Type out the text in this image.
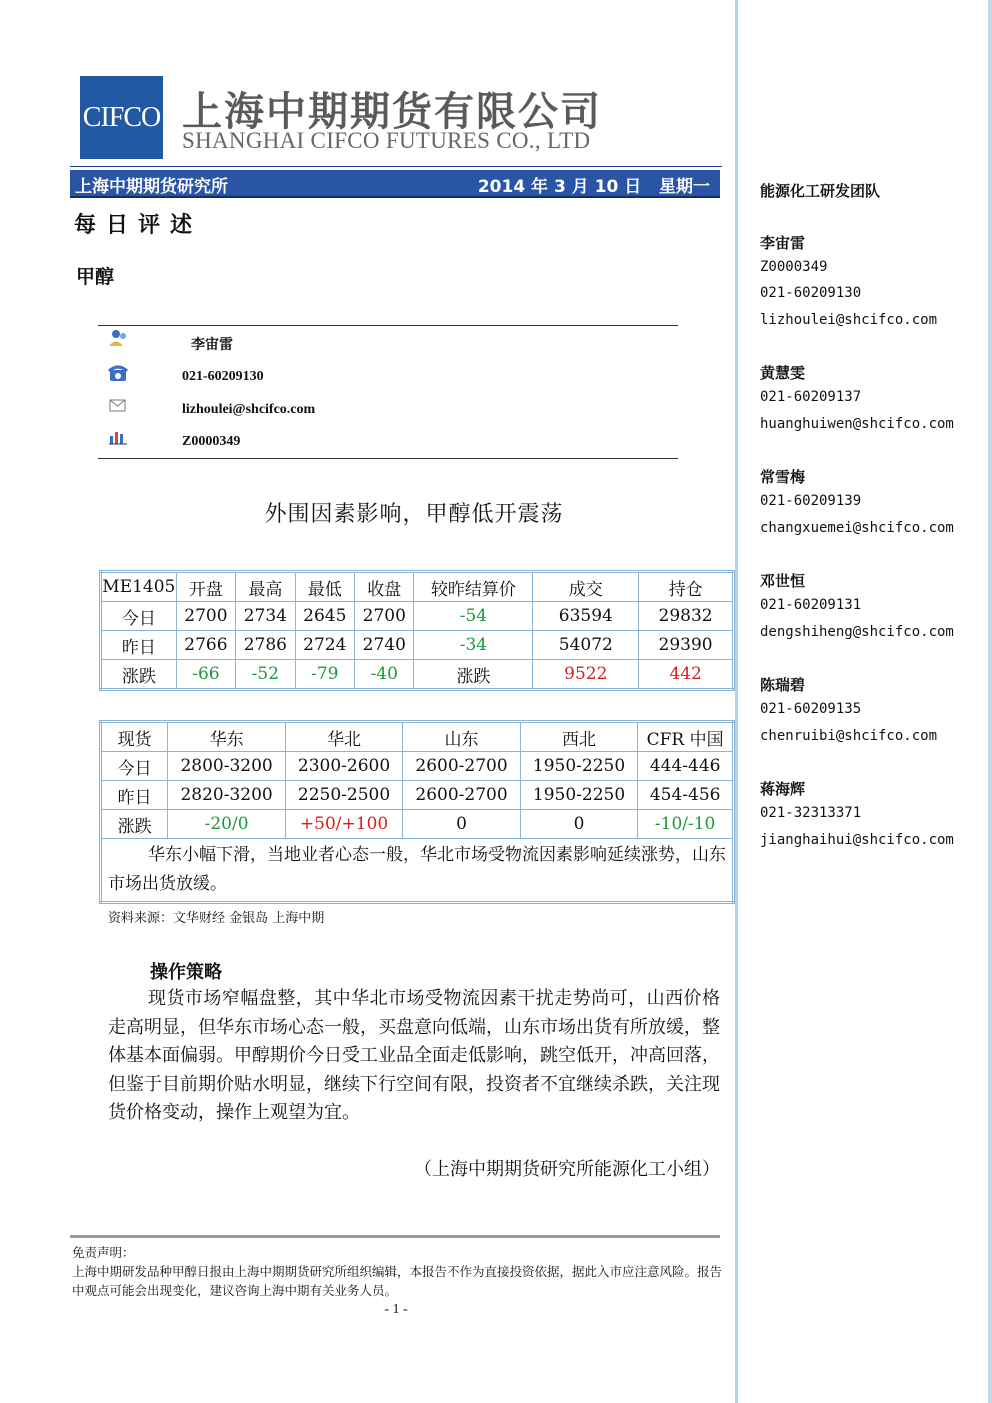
CIFCO 上海中期期货有限公司
SHANGHAI CIFCO FUTURES CO., LTD
上海中期期货研究所	2014 年 3 月 10 日 星期一
每日评述
甲醇
李宙雷
021-60209130
lizhoulei@shcifco.com
Z0000349
外围因素影响，甲醇低开震荡
ME1405	开盘	最高	最低	收盘	较昨结算价	成交	持仓
今日	2700	2734	2645	2700	-54	63594	29832
昨日	2766	2786	2724	2740	-34	54072	29390
涨跌	-66	-52	-79	-40	涨跌	9522	442
现货	华东	华北	山东	西北	CFR 中国
今日	2800-3200	2300-2600	2600-2700	1950-2250	444-446
昨日	2820-3200	2250-2500	2600-2700	1950-2250	454-456
涨跌	-20/0	+50/+100	0	0	-10/-10
华东小幅下滑，当地业者心态一般，华北市场受物流因素影响延续涨势，山东市场出货放缓。					
资料来源：文华财经 金银岛 上海中期
操作策略
现货市场窄幅盘整，其中华北市场受物流因素干扰走势尚可，山西价格走高明显，但华东市场心态一般，买盘意向低端，山东市场出货有所放缓，整体基本面偏弱。甲醇期价今日受工业品全面走低影响，跳空低开，冲高回落，但鉴于目前期价贴水明显，继续下行空间有限，投资者不宜继续杀跌，关注现货价格变动，操作上观望为宜。
（上海中期期货研究所能源化工小组）
免责声明：
上海中期研发品种甲醇日报由上海中期期货研究所组织编辑，本报告不作为直接投资依据，据此入市应注意风险。报告中观点可能会出现变化，建议咨询上海中期有关业务人员。
- 1 -
能源化工研发团队
李宙雷
Z0000349
021-60209130
lizhoulei@shcifco.com
黄慧雯
021-60209137
huanghuiwen@shcifco.com
常雪梅
021-60209139
changxuemei@shcifco.com
邓世恒
021-60209131
dengshiheng@shcifco.com
陈瑞碧
021-60209135
chenruibi@shcifco.com
蒋海辉
021-32313371
jianghaihui@shcifco.com
